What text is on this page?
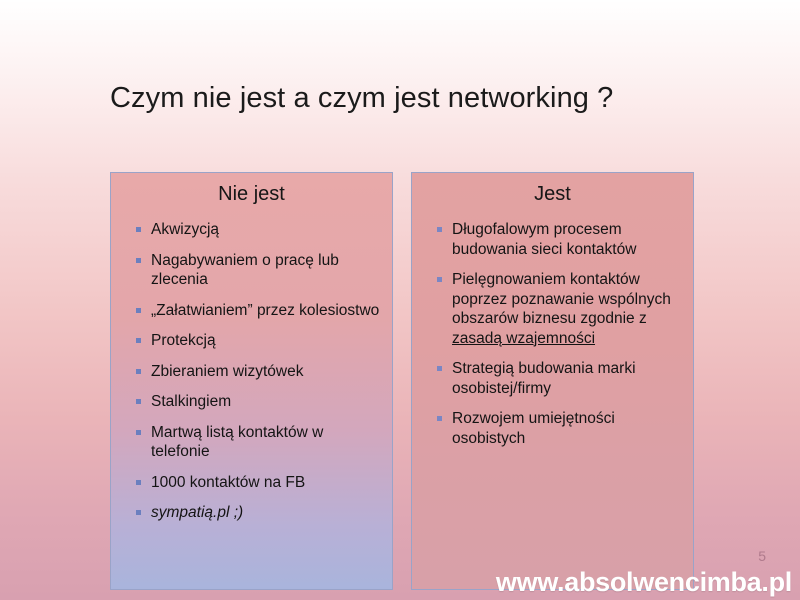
Czym nie jest a czym jest networking ?
Nie jest
Akwizycją
Nagabywaniem o pracę lub zlecenia
„Załatwianiem” przez kolesiostwo
Protekcją
Zbieraniem wizytówek
Stalkingiem
Martwą listą kontaktów w telefonie
1000 kontaktów na FB
sympatią.pl ;)
Jest
Długofalowym procesem budowania sieci kontaktów
Pielęgnowaniem kontaktów poprzez poznawanie wspólnych obszarów biznesu zgodnie z zasadą wzajemności
Strategią budowania marki osobistej/firmy
Rozwojem umiejętności osobistych
5
www.absolwencimba.pl
